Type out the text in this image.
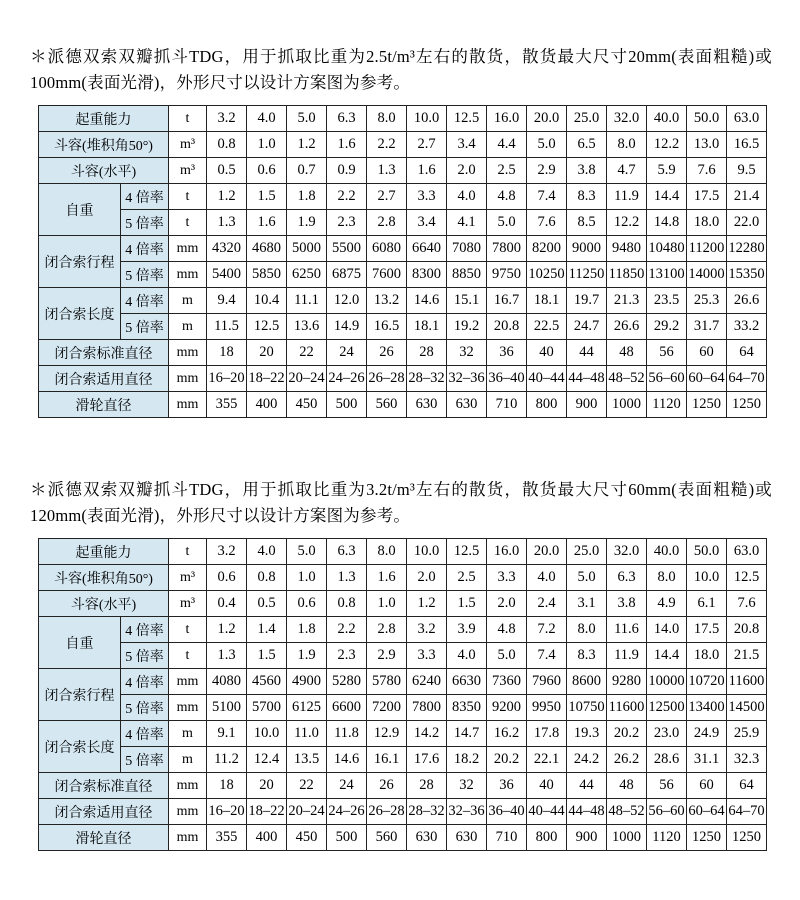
＊派德双索双瓣抓斗TDG，用于抓取比重为2.5t/m³左右的散货，散货最大尺寸20mm(表面粗糙)或100mm(表面光滑)，外形尺寸以设计方案图为参考。

起重能力		t	3.2	4.0	5.0	6.3	8.0	10.0	12.5	16.0	20.0	25.0	32.0	40.0	50.0	63.0
斗容(堆积角50°)		m³	0.8	1.0	1.2	1.6	2.2	2.7	3.4	4.4	5.0	6.5	8.0	12.2	13.0	16.5
斗容(水平)		m³	0.5	0.6	0.7	0.9	1.3	1.6	2.0	2.5	2.9	3.8	4.7	5.9	7.6	9.5
自重	4 倍率	t	1.2	1.5	1.8	2.2	2.7	3.3	4.0	4.8	7.4	8.3	11.9	14.4	17.5	21.4
	5 倍率	t	1.3	1.6	1.9	2.3	2.8	3.4	4.1	5.0	7.6	8.5	12.2	14.8	18.0	22.0
闭合索行程	4 倍率	mm	4320	4680	5000	5500	6080	6640	7080	7800	8200	9000	9480	10480	11200	12280
	5 倍率	mm	5400	5850	6250	6875	7600	8300	8850	9750	10250	11250	11850	13100	14000	15350
闭合索长度	4 倍率	m	9.4	10.4	11.1	12.0	13.2	14.6	15.1	16.7	18.1	19.7	21.3	23.5	25.3	26.6
	5 倍率	m	11.5	12.5	13.6	14.9	16.5	18.1	19.2	20.8	22.5	24.7	26.6	29.2	31.7	33.2
闭合索标准直径		mm	18	20	22	24	26	28	32	36	40	44	48	56	60	64
闭合索适用直径		mm	16–20	18–22	20–24	24–26	26–28	28–32	32–36	36–40	40–44	44–48	48–52	56–60	60–64	64–70
滑轮直径		mm	355	400	450	500	560	630	630	710	800	900	1000	1120	1250	1250

＊派德双索双瓣抓斗TDG，用于抓取比重为3.2t/m³左右的散货，散货最大尺寸60mm(表面粗糙)或120mm(表面光滑)，外形尺寸以设计方案图为参考。

起重能力		t	3.2	4.0	5.0	6.3	8.0	10.0	12.5	16.0	20.0	25.0	32.0	40.0	50.0	63.0
斗容(堆积角50°)		m³	0.6	0.8	1.0	1.3	1.6	2.0	2.5	3.3	4.0	5.0	6.3	8.0	10.0	12.5
斗容(水平)		m³	0.4	0.5	0.6	0.8	1.0	1.2	1.5	2.0	2.4	3.1	3.8	4.9	6.1	7.6
自重	4 倍率	t	1.2	1.4	1.8	2.2	2.8	3.2	3.9	4.8	7.2	8.0	11.6	14.0	17.5	20.8
	5 倍率	t	1.3	1.5	1.9	2.3	2.9	3.3	4.0	5.0	7.4	8.3	11.9	14.4	18.0	21.5
闭合索行程	4 倍率	mm	4080	4560	4900	5280	5780	6240	6630	7360	7960	8600	9280	10000	10720	11600
	5 倍率	mm	5100	5700	6125	6600	7200	7800	8350	9200	9950	10750	11600	12500	13400	14500
闭合索长度	4 倍率	m	9.1	10.0	11.0	11.8	12.9	14.2	14.7	16.2	17.8	19.3	20.2	23.0	24.9	25.9
	5 倍率	m	11.2	12.4	13.5	14.6	16.1	17.6	18.2	20.2	22.1	24.2	26.2	28.6	31.1	32.3
闭合索标准直径		mm	18	20	22	24	26	28	32	36	40	44	48	56	60	64
闭合索适用直径		mm	16–20	18–22	20–24	24–26	26–28	28–32	32–36	36–40	40–44	44–48	48–52	56–60	60–64	64–70
滑轮直径		mm	355	400	450	500	560	630	630	710	800	900	1000	1120	1250	1250
